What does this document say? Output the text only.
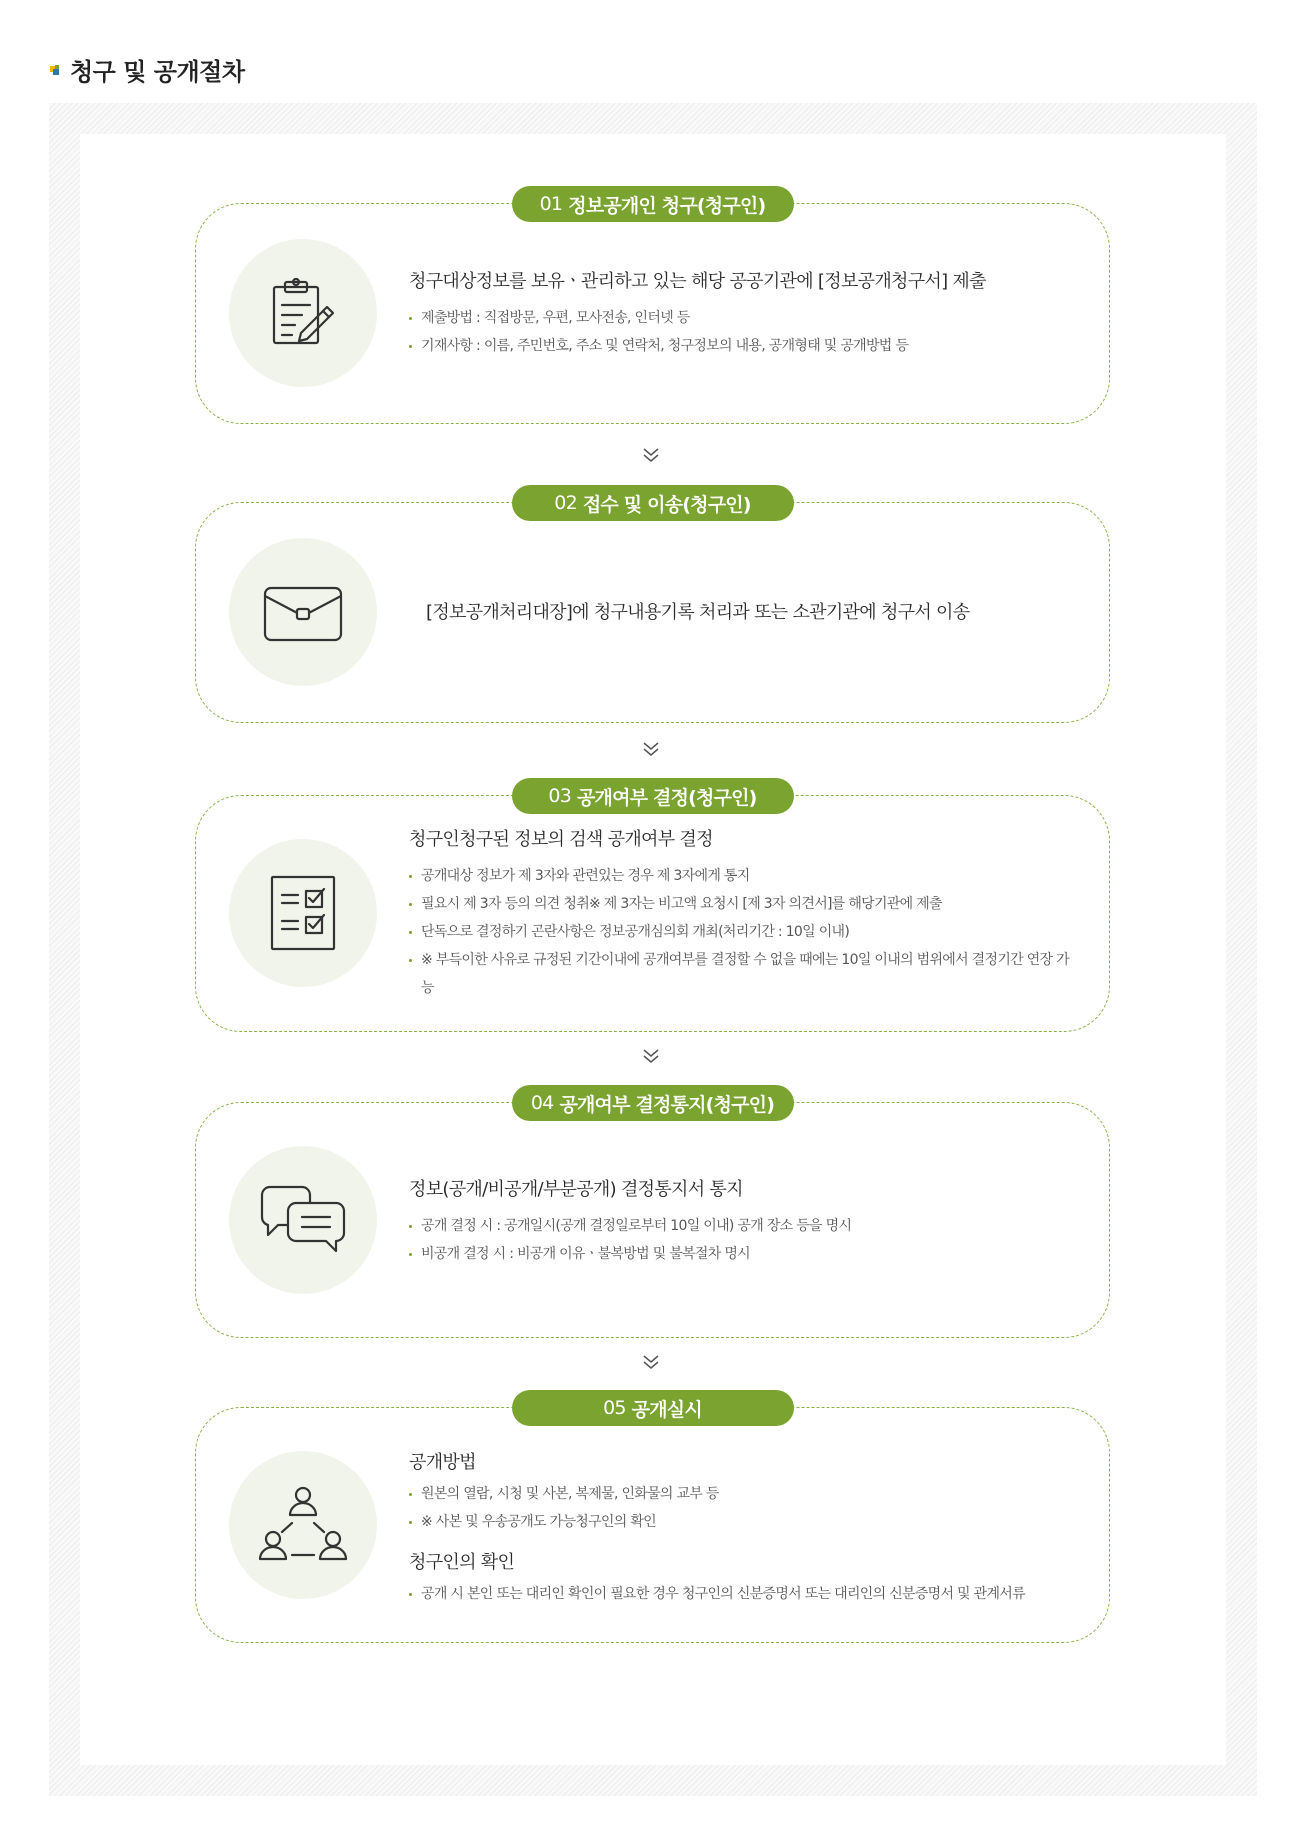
청구 및 공개절차
01 정보공개인 청구(청구인)

청구대상정보를 보유ㆍ관리하고 있는 해당 공공기관에 [정보공개청구서] 제출

제출방법 : 직접방문, 우편, 모사전송, 인터넷 등
기재사항 : 이름, 주민번호, 주소 및 연락처, 청구정보의 내용, 공개형태 및 공개방법 등
02 접수 및 이송(청구인)

[정보공개처리대장]에 청구내용기록 처리과 또는 소관기관에 청구서 이송

03 공개여부 결정(청구인)

청구인청구된 정보의 검색 공개여부 결정

공개대상 정보가 제 3자와 관련있는 경우 제 3자에게 통지
필요시 제 3자 등의 의견 청취※ 제 3자는 비고액 요청시 [제 3자 의견서]를 해당기관에 제출
단독으로 결정하기 곤란사항은 정보공개심의회 개최(처리기간 : 10일 이내)
※ 부득이한 사유로 규정된 기간이내에 공개여부를 결정할 수 없을 때에는 10일 이내의 범위에서 결정기간 연장 가능
04 공개여부 결정통지(청구인)

정보(공개/비공개/부분공개) 결정통지서 통지

공개 결정 시 : 공개일시(공개 결정일로부터 10일 이내) 공개 장소 등을 명시
비공개 결정 시 : 비공개 이유ㆍ불복방법 및 불복절차 명시
05 공개실시

공개방법

원본의 열람, 시청 및 사본, 복제물, 인화물의 교부 등
※ 사본 및 우송공개도 가능청구인의 확인

청구인의 확인

공개 시 본인 또는 대리인 확인이 필요한 경우 청구인의 신분증명서 또는 대리인의 신분증명서 및 관계서류
